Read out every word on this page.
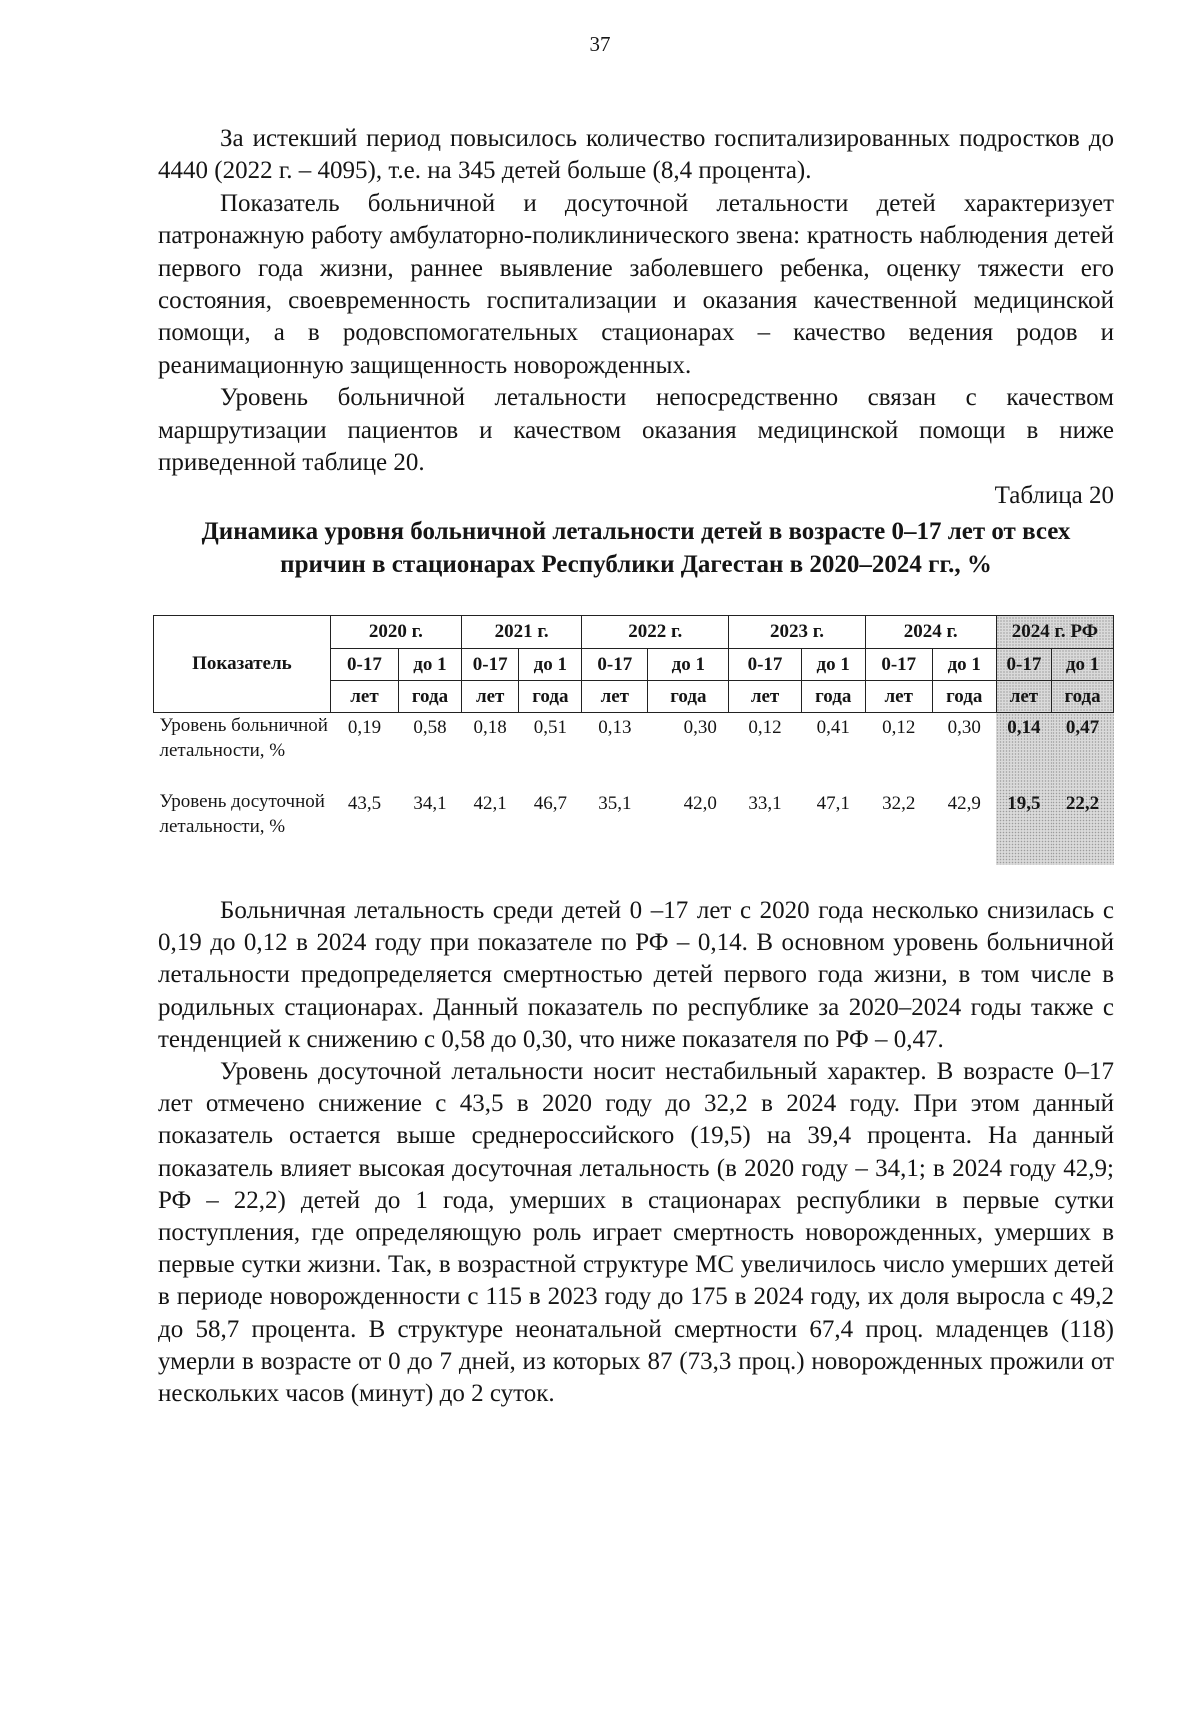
37

За истекший период повысилось количество госпитализированных подростков до 4440 (2022 г. – 4095), т.е. на 345 детей больше (8,4 процента).

Показатель больничной и досуточной летальности детей характеризует патронажную работу амбулаторно-поликлинического звена: кратность наблюдения детей первого года жизни, раннее выявление заболевшего ребенка, оценку тяжести его состояния, своевременность госпитализации и оказания качественной медицинской помощи, а в родовспомогательных стационарах – качество ведения родов и реанимационную защищенность новорожденных.

Уровень больничной летальности непосредственно связан с качеством маршрутизации пациентов и качеством оказания медицинской помощи в ниже приведенной таблице 20.

Таблица 20
Динамика уровня больничной летальности детей в возрасте 0–17 лет от всех причин в стационарах Республики Дагестан в 2020–2024 гг., %
Показатель	2020 г.		2021 г.		2022 г.		2023 г.		2024 г.		2024 г. РФ	
	0-17	до 1	0-17	до 1	0-17	до 1	0-17	до 1	0-17	до 1	0-17	до 1
	лет	года	лет	года	лет	года	лет	года	лет	года	лет	года
Уровень больничной летальности, %	0,19	0,58	0,18	0,51	0,13	0,30	0,12	0,41	0,12	0,30	0,14	0,47
Уровень досуточной летальности, %	43,5	34,1	42,1	46,7	35,1	42,0	33,1	47,1	32,2	42,9	19,5	22,2

Больничная летальность среди детей 0 –17 лет с 2020 года несколько снизилась с 0,19 до 0,12 в 2024 году при показателе по РФ – 0,14. В основном уровень больничной летальности предопределяется смертностью детей первого года жизни, в том числе в родильных стационарах. Данный показатель по республике за 2020–2024 годы также с тенденцией к снижению с 0,58 до 0,30, что ниже показателя по РФ – 0,47.

Уровень досуточной летальности носит нестабильный характер. В возрасте 0–17 лет отмечено снижение с 43,5 в 2020 году до 32,2 в 2024 году. При этом данный показатель остается выше среднероссийского (19,5) на 39,4 процента. На данный показатель влияет высокая досуточная летальность (в 2020 году – 34,1; в 2024 году 42,9; РФ – 22,2) детей до 1 года, умерших в стационарах республики в первые сутки поступления, где определяющую роль играет смертность новорожденных, умерших в первые сутки жизни. Так, в возрастной структуре МС увеличилось число умерших детей в периоде новорожденности с 115 в 2023 году до 175 в 2024 году, их доля выросла с 49,2 до 58,7 процента. В структуре неонатальной смертности 67,4 проц. младенцев (118) умерли в возрасте от 0 до 7 дней, из которых 87 (73,3 проц.) новорожденных прожили от нескольких часов (минут) до 2 суток.
